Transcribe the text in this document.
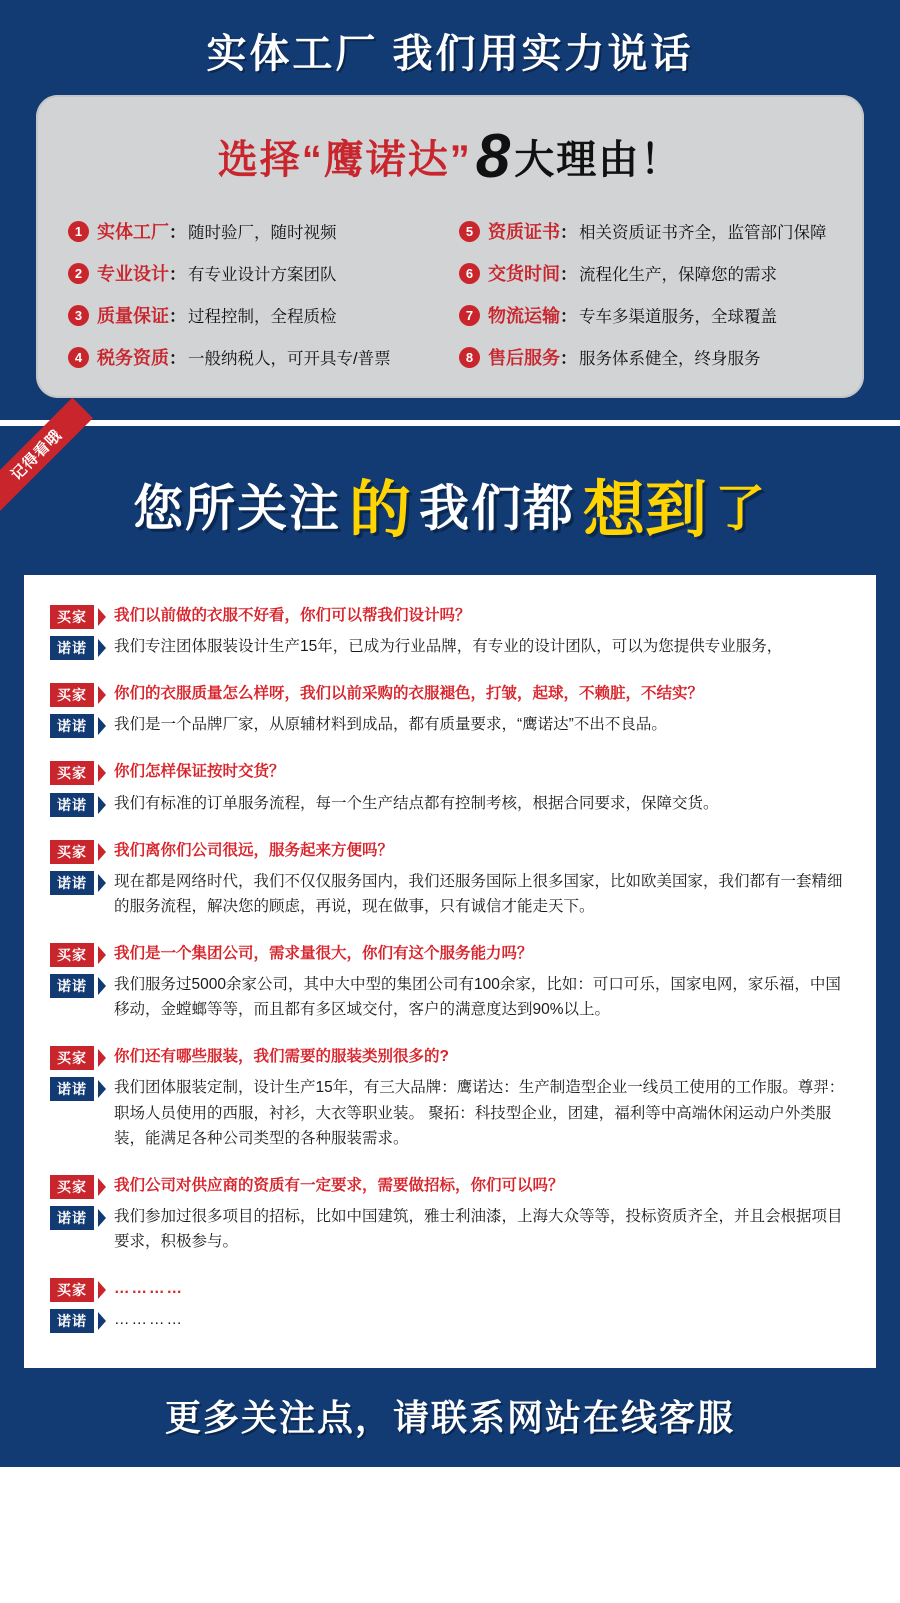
实体工厂 我们用实力说话
选择“鹰诺达”8 大理由！
1 实体工厂 ： 随时验厂，随时视频	5 资质证书 ： 相关资质证书齐全，监管部门保障
2 专业设计 ： 有专业设计方案团队	6 交货时间 ： 流程化生产，保障您的需求
3 质量保证 ： 过程控制，全程质检	7 物流运输 ： 专车多渠道服务，全球覆盖
4 税务资质 ： 一般纳税人，可开具专/普票	8 售后服务 ： 服务体系健全，终身服务
记得看哦
您所关注 的 我们都 想到 了
买家	我们以前做的衣服不好看，你们可以帮我们设计吗？
诺诺	我们专注团体服装设计生产15年，已成为行业品牌，有专业的设计团队，可以为您提供专业服务，
买家	你们的衣服质量怎么样呀，我们以前采购的衣服褪色，打皱，起球，不赖脏，不结实？
诺诺	我们是一个品牌厂家，从原辅材料到成品，都有质量要求，“鹰诺达”不出不良品。
买家	你们怎样保证按时交货？
诺诺	我们有标准的订单服务流程，每一个生产结点都有控制考核，根据合同要求，保障交货。
买家	我们离你们公司很远，服务起来方便吗？
诺诺	现在都是网络时代，我们不仅仅服务国内，我们还服务国际上很多国家，比如欧美国家，我们都有一套精细的服务流程，解决您的顾虑，再说，现在做事，只有诚信才能走天下。
买家	我们是一个集团公司，需求量很大，你们有这个服务能力吗？
诺诺	我们服务过5000余家公司，其中大中型的集团公司有100余家，比如：可口可乐，国家电网，家乐福，中国移动，金螳螂等等，而且都有多区域交付，客户的满意度达到90%以上。
买家	你们还有哪些服装，我们需要的服装类别很多的?
诺诺	我们团体服装定制，设计生产15年，有三大品牌：鹰诺达：生产制造型企业一线员工使用的工作服。尊羿：职场人员使用的西服，衬衫，大衣等职业装。 聚拓：科技型企业，团建，福利等中高端休闲运动户外类服装，能满足各种公司类型的各种服装需求。
买家	我们公司对供应商的资质有一定要求，需要做招标，你们可以吗？
诺诺	我们参加过很多项目的招标，比如中国建筑，雅士利油漆，上海大众等等，投标资质齐全，并且会根据项目要求，积极参与。
买家	…………
诺诺	…………
更多关注点，请联系网站在线客服
